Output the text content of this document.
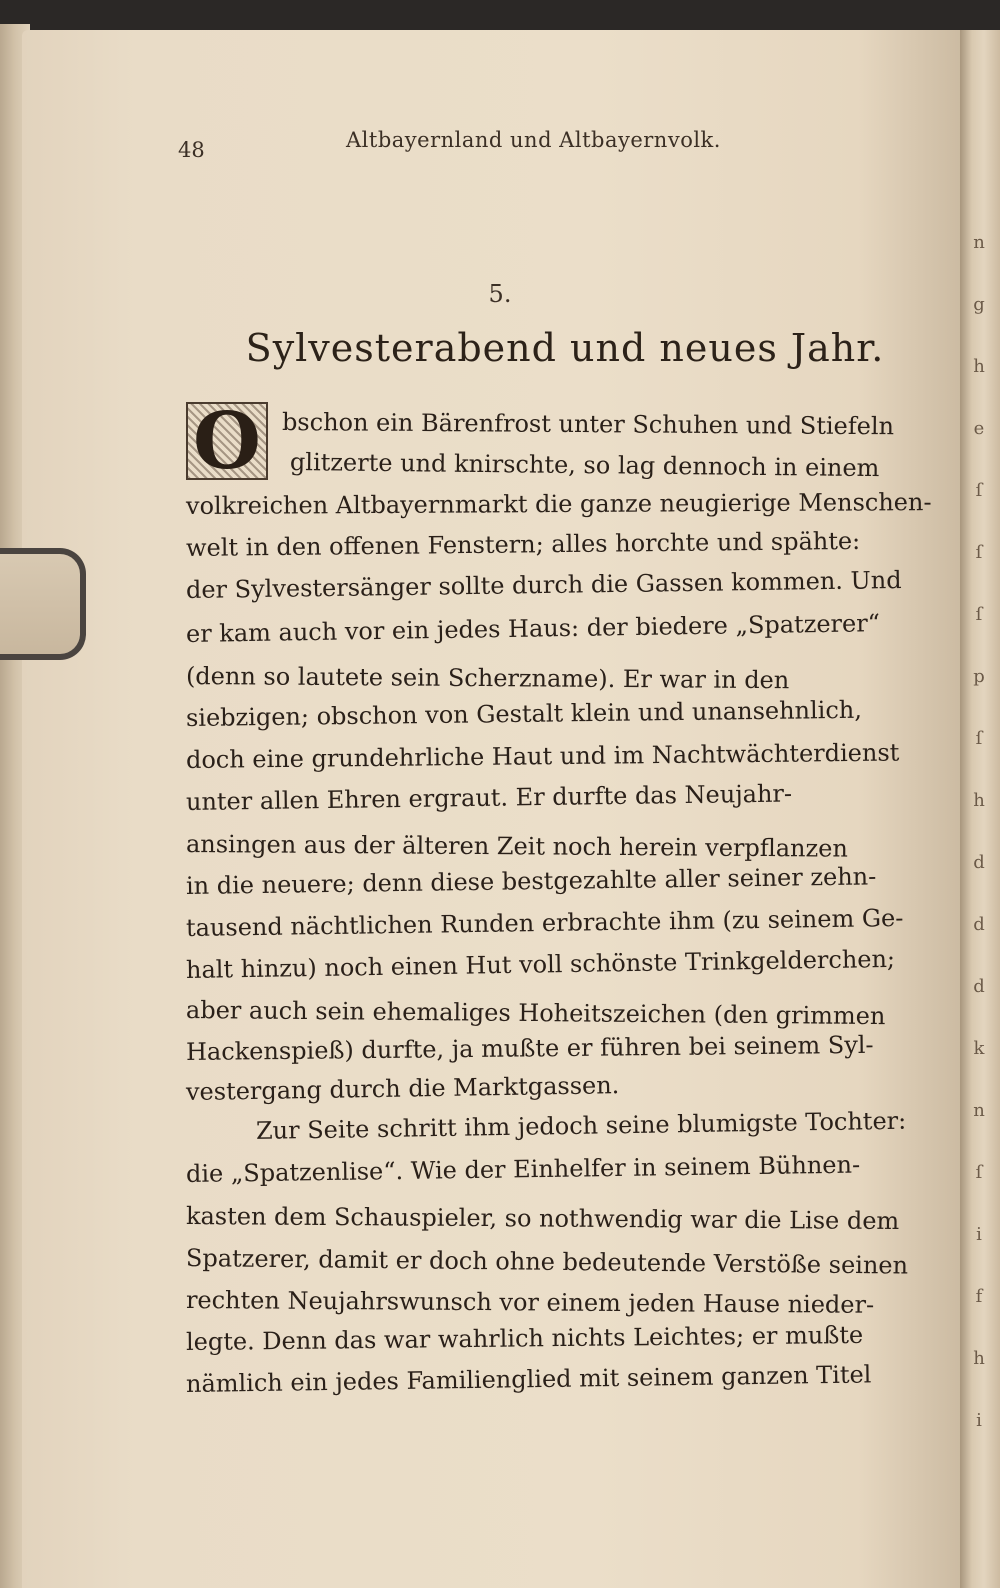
n
g
h
e
ſ
ſ
ſ
p
ſ
h
d
d
d
k
n
ſ
i
f
h
i
48	Altbayernland und Altbayernvolk.
5.
Sylvesterabend und neues Jahr.
O bschon ein Bärenfrost unter Schuhen und Stiefeln
glitzerte und knirschte, so lag dennoch in einem
volkreichen Altbayernmarkt die ganze neugierige Menschen-
welt in den offenen Fenstern; alles horchte und spähte:
der Sylvestersänger sollte durch die Gassen kommen. Und
er kam auch vor ein jedes Haus: der biedere „Spatzerer“
(denn so lautete sein Scherzname). Er war in den
siebzigen; obschon von Gestalt klein und unansehnlich,
doch eine grundehrliche Haut und im Nachtwächterdienst
unter allen Ehren ergraut. Er durfte das Neujahr-
ansingen aus der älteren Zeit noch herein verpflanzen
in die neuere; denn diese bestgezahlte aller seiner zehn-
tausend nächtlichen Runden erbrachte ihm (zu seinem Ge-
halt hinzu) noch einen Hut voll schönste Trinkgelderchen;
aber auch sein ehemaliges Hoheitszeichen (den grimmen
Hackenspieß) durfte, ja mußte er führen bei seinem Syl-
vestergang durch die Marktgassen.
Zur Seite schritt ihm jedoch seine blumigste Tochter:
die „Spatzenlise“. Wie der Einhelfer in seinem Bühnen-
kasten dem Schauspieler, so nothwendig war die Lise dem
Spatzerer, damit er doch ohne bedeutende Verstöße seinen
rechten Neujahrswunsch vor einem jeden Hause nieder-
legte. Denn das war wahrlich nichts Leichtes; er mußte
nämlich ein jedes Familienglied mit seinem ganzen Titel
